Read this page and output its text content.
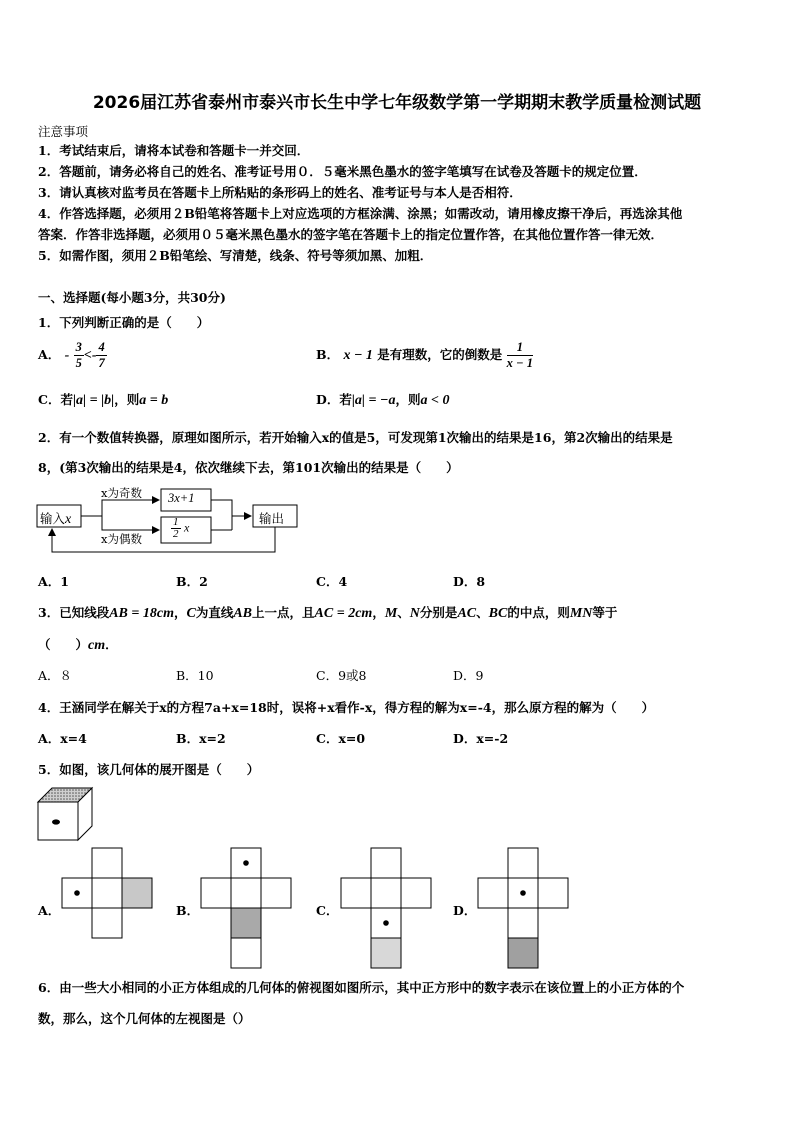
2026届江苏省泰州市泰兴市长生中学七年级数学第一学期期末教学质量检测试题
注意事项
1．考试结束后，请将本试卷和答题卡一并交回．
2．答题前，请务必将自己的姓名、准考证号用０．５毫米黑色墨水的签字笔填写在试卷及答题卡的规定位置．
3．请认真核对监考员在答题卡上所粘贴的条形码上的姓名、准考证号与本人是否相符．
4．作答选择题，必须用２B铅笔将答题卡上对应选项的方框涂满、涂黑；如需改动，请用橡皮擦干净后，再选涂其他
答案．作答非选择题，必须用０５毫米黑色墨水的签字笔在答题卡上的指定位置作答，在其他位置作答一律无效．
5．如需作图，须用２B铅笔绘、写清楚，线条、符号等须加黑、加粗．
一、选择题(每小题3分，共30分)
1．下列判断正确的是（　　）
A． - $\frac{3}{5} <- \frac{4}{7}$	B． x − 1 是有理数，它的倒数是 $\frac{1}{x - 1}$
C．若|a| = |b|，则a = b	D．若|a| = −a，则a < 0
2．有一个数值转换器，原理如图所示，若开始输入x的值是5，可发现第1次输出的结果是16，第2次输出的结果是
8，(第3次输出的结果是4，依次继续下去，第101次输出的结果是（　　）
输入x
x为奇数
x为偶数
3x+1
$\frac{1}{2}$ x
输出
A．1	B．2	C．4	D．8
3．已知线段AB = 18cm，C为直线AB上一点，且AC = 2cm，M、N分别是AC、BC的中点，则MN等于
（　　）cm．
A．８	B．10	C．9或8	D．9
4．王涵同学在解关于x的方程7a+x=18时，误将+x看作-x，得方程的解为x=-4，那么原方程的解为（　　）
A．x=4	B．x=2	C．x=0	D．x=-2
5．如图，该几何体的展开图是（　　）
A．	B．	C．	D．
6．由一些大小相同的小正方体组成的几何体的俯视图如图所示，其中正方形中的数字表示在该位置上的小正方体的个
数，那么，这个几何体的左视图是（）
